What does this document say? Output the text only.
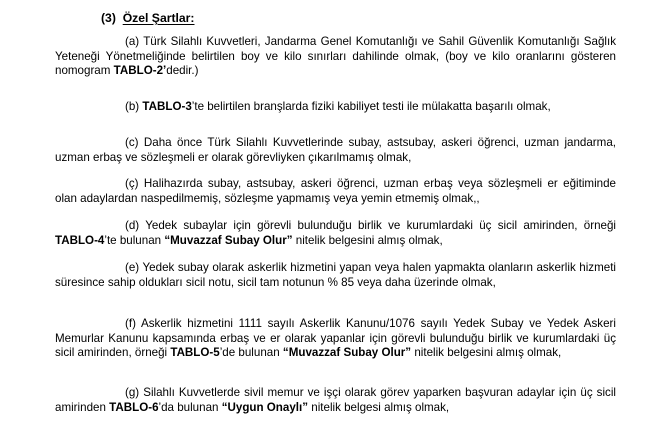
(3) Özel Şartlar:
(a) Türk Silahlı Kuvvetleri, Jandarma Genel Komutanlığı ve Sahil Güvenlik Komutanlığı Sağlık Yeteneği Yönetmeliğinde belirtilen boy ve kilo sınırları dahilinde olmak, (boy ve kilo oranlarını gösteren nomogram TABLO-2’dedir.)
(b) TABLO-3’te belirtilen branşlarda fiziki kabiliyet testi ile mülakatta başarılı olmak,
(c) Daha önce Türk Silahlı Kuvvetlerinde subay, astsubay, askeri öğrenci, uzman jandarma, uzman erbaş ve sözleşmeli er olarak görevliyken çıkarılmamış olmak,
(ç) Halihazırda subay, astsubay, askeri öğrenci, uzman erbaş veya sözleşmeli er eğitiminde olan adaylardan naspedilmemiş, sözleşme yapmamış veya yemin etmemiş olmak,,
(d) Yedek subaylar için görevli bulunduğu birlik ve kurumlardaki üç sicil amirinden, örneği TABLO-4’te bulunan “Muvazzaf Subay Olur” nitelik belgesini almış olmak,
(e) Yedek subay olarak askerlik hizmetini yapan veya halen yapmakta olanların askerlik hizmeti süresince sahip oldukları sicil notu, sicil tam notunun % 85 veya daha üzerinde olmak,
(f) Askerlik hizmetini 1111 sayılı Askerlik Kanunu/1076 sayılı Yedek Subay ve Yedek Askeri Memurlar Kanunu kapsamında erbaş ve er olarak yapanlar için görevli bulunduğu birlik ve kurumlardaki üç sicil amirinden, örneği TABLO-5’de bulunan “Muvazzaf Subay Olur” nitelik belgesini almış olmak,
(g) Silahlı Kuvvetlerde sivil memur ve işçi olarak görev yaparken başvuran adaylar için üç sicil amirinden TABLO-6’da bulunan “Uygun Onaylı” nitelik belgesi almış olmak,
